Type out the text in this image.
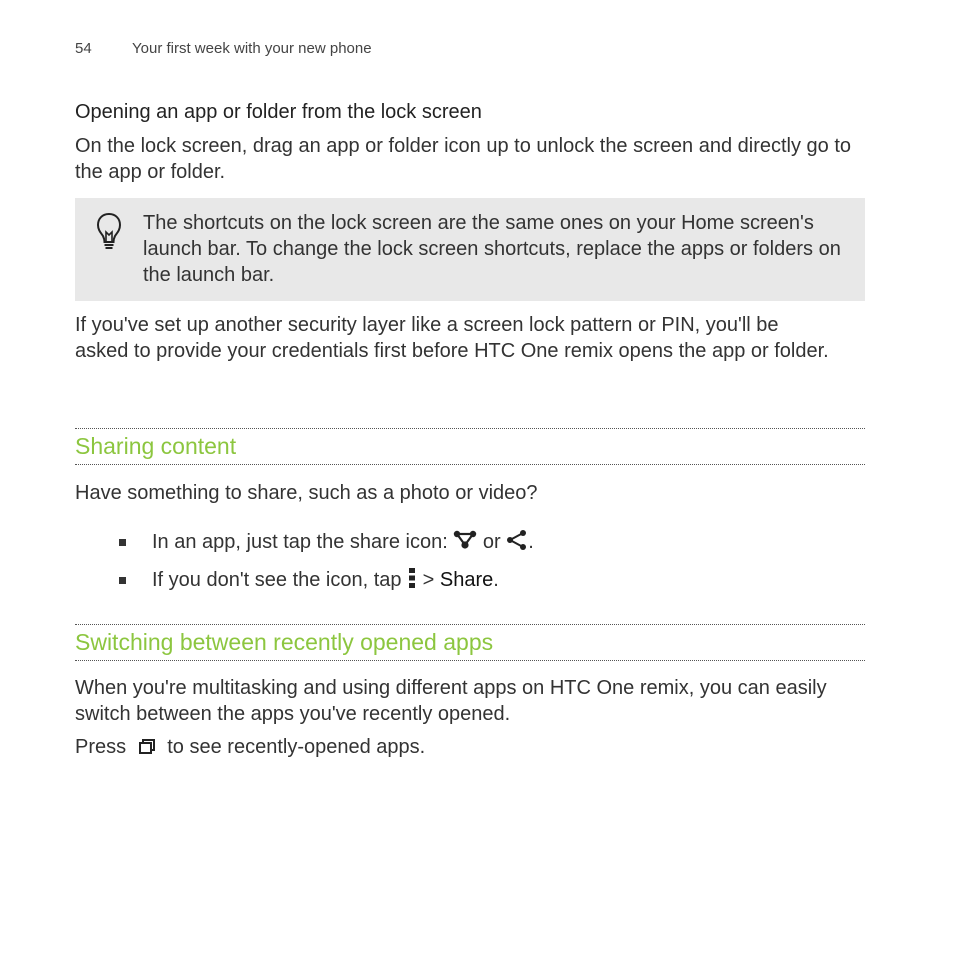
54	Your first week with your new phone
Opening an app or folder from the lock screen

On the lock screen, drag an app or folder icon up to unlock the screen and directly go to the app or folder.

The shortcuts on the lock screen are the same ones on your Home screen's launch bar. To change the lock screen shortcuts, replace the apps or folders on the launch bar.

If you've set up another security layer like a screen lock pattern or PIN, you'll be asked to provide your credentials first before HTC One remix opens the app or folder.

Sharing content

Have something to share, such as a photo or video?

In an app, just tap the share icon: or .
If you don't see the icon, tap > Share.
Switching between recently opened apps

When you're multitasking and using different apps on HTC One remix, you can easily switch between the apps you've recently opened.

Press to see recently-opened apps.
